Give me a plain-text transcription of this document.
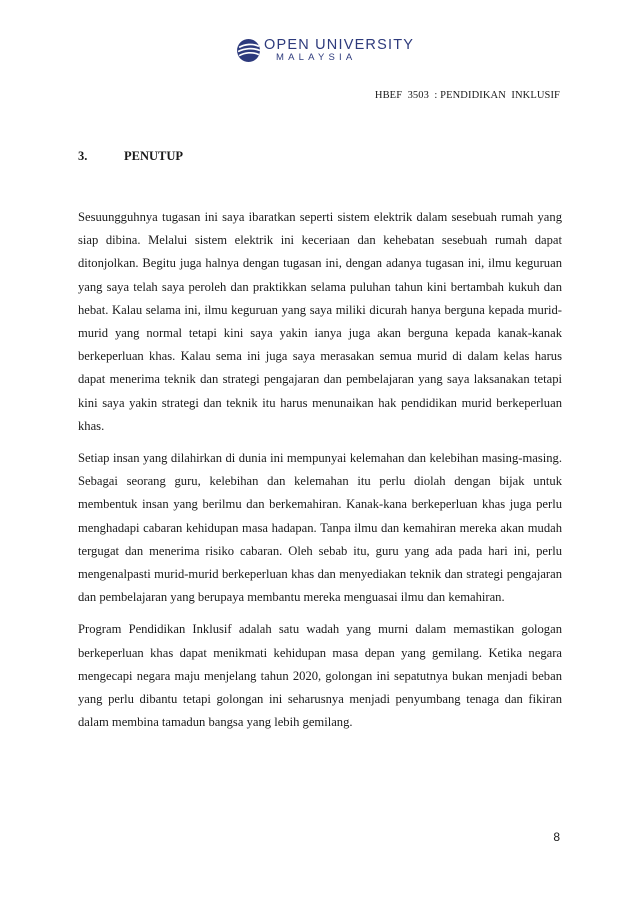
OPEN UNIVERSITY
MALAYSIA
HBEF  3503  : PENDIDIKAN  INKLUSIF
3.	PENUTUP

Sesuungguhnya tugasan ini saya ibaratkan seperti sistem elektrik dalam sesebuah rumah yang siap dibina. Melalui sistem elektrik ini keceriaan dan kehebatan sesebuah rumah dapat ditonjolkan. Begitu juga halnya dengan tugasan ini, dengan adanya tugasan ini, ilmu keguruan yang saya telah saya peroleh dan praktikkan selama puluhan tahun kini bertambah kukuh dan hebat. Kalau selama ini, ilmu keguruan yang saya miliki dicurah hanya berguna kepada murid-murid yang normal tetapi kini saya yakin ianya juga akan berguna kepada kanak-kanak berkeperluan khas. Kalau sema ini juga saya merasakan semua murid di dalam kelas harus dapat menerima teknik dan strategi pengajaran dan pembelajaran yang saya laksanakan tetapi kini saya yakin strategi dan teknik itu harus menunaikan hak pendidikan murid berkeperluan khas.

Setiap insan yang dilahirkan di dunia ini mempunyai kelemahan dan kelebihan masing-masing. Sebagai seorang guru, kelebihan dan kelemahan itu perlu diolah dengan bijak untuk membentuk insan yang berilmu dan berkemahiran. Kanak-kana berkeperluan khas juga perlu menghadapi cabaran kehidupan masa hadapan. Tanpa ilmu dan kemahiran mereka akan mudah tergugat dan menerima risiko cabaran. Oleh sebab itu, guru yang ada pada hari ini, perlu mengenalpasti murid-murid berkeperluan khas dan menyediakan teknik dan strategi pengajaran dan pembelajaran yang berupaya membantu mereka menguasai ilmu dan kemahiran.

Program Pendidikan Inklusif adalah satu wadah yang murni dalam memastikan gologan berkeperluan khas dapat menikmati kehidupan masa depan yang gemilang. Ketika negara mengecapi negara maju menjelang tahun 2020, golongan ini sepatutnya bukan menjadi beban yang perlu dibantu tetapi golongan ini seharusnya menjadi penyumbang tenaga dan fikiran dalam membina tamadun bangsa yang lebih gemilang.

8
